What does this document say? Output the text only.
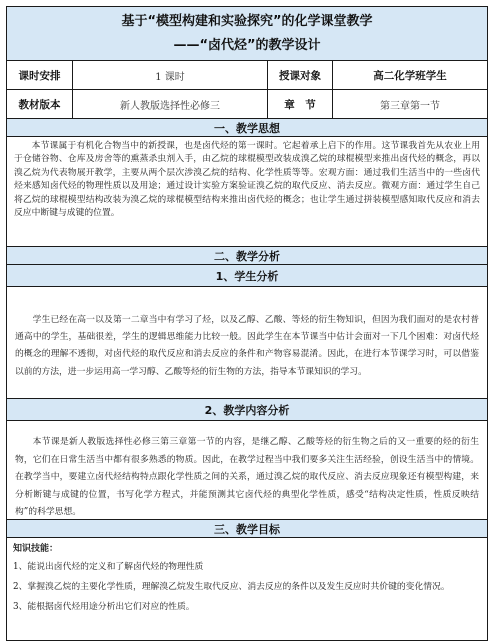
基于“模型构建和实验探究”的化学课堂教学
——“卤代烃”的教学设计
课时安排	1 课时	授课对象	高二化学班学生
教材版本	新人教版选择性必修三	章　节	第三章第一节
一、教学思想
本节课属于有机化合物当中的新授课，也是卤代烃的第一课时。它起着承上启下的作用。这节课我首先从农业上用于仓储谷物、仓库及房舍等的熏蒸杀虫剂入手，由乙烷的球棍模型改装成溴乙烷的球棍模型来推出卤代烃的概念，再以溴乙烷为代表物展开教学，主要从两个层次涉溴乙烷的结构、化学性质等等。宏观方面：通过我们生活当中的一些卤代烃来感知卤代烃的物理性质以及用途；通过设计实验方案验证溴乙烷的取代反应、消去反应。微观方面：通过学生自己将乙烷的球棍模型结构改装为溴乙烷的球棍模型结构来推出卤代烃的概念；也让学生通过拼装模型感知取代反应和消去反应中断键与成键的位置。
二、教学分析
1、学生分析
学生已经在高一以及第一二章当中有学习了烃，以及乙醇、乙酸、等烃的衍生物知识，但因为我们面对的是农村普通高中的学生，基础很差，学生的逻辑思维能力比较一般。因此学生在本节课当中估计会面对一下几个困难：对卤代烃的概念的理解不透彻，对卤代烃的取代反应和消去反应的条件和产物容易混淆。因此，在进行本节课学习时，可以借鉴以前的方法，进一步运用高一学习醇、乙酸等烃的衍生物的方法，指导本节课知识的学习。
2、教学内容分析
本节课是新人教版选择性必修三第三章第一节的内容，是继乙醇、乙酸等烃的衍生物之后的又一重要的烃的衍生物，它们在日常生活当中都有很多熟悉的物质。因此，在教学过程当中我们要多关注生活经验，创设生活当中的情境。在教学当中，要建立卤代烃结构特点跟化学性质之间的关系，通过溴乙烷的取代反应、消去反应现象还有模型构建，来分析断键与成键的位置，书写化学方程式，并能预测其它卤代烃的典型化学性质，感受“结构决定性质，性质反映结构”的科学思想。
三、教学目标
知识技能：
1、能说出卤代烃的定义和了解卤代烃的物理性质
2、掌握溴乙烷的主要化学性质，理解溴乙烷发生取代反应、消去反应的条件以及发生反应时共价键的变化情况。
3、能根据卤代烃用途分析出它们对应的性质。
